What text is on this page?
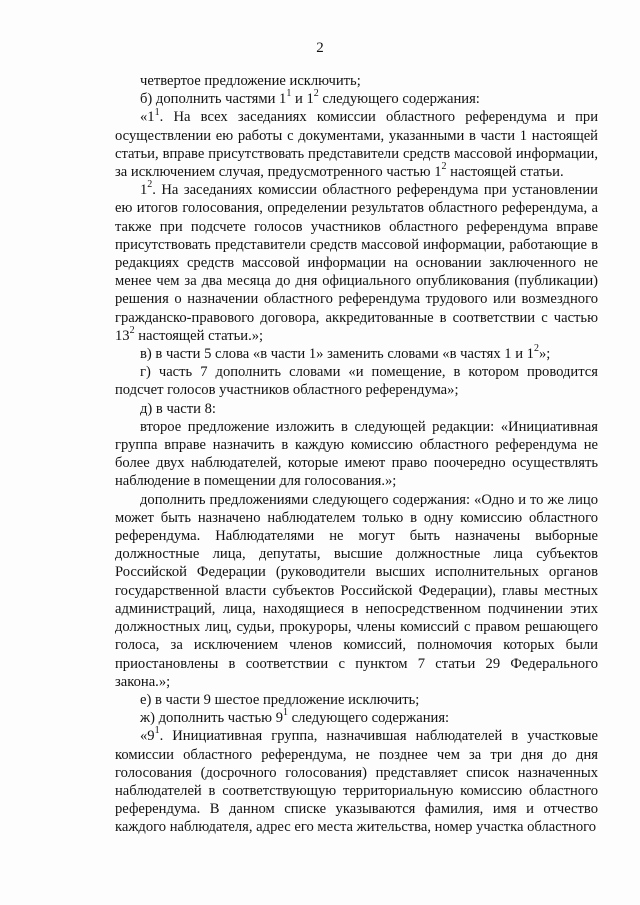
2

четвертое предложение исключить;

б) дополнить частями $1^1$ и $1^2$ следующего содержания:

«$1^1$. На всех заседаниях комиссии областного референдума и при осуществлении ею работы с документами, указанными в части 1 настоящей статьи, вправе присутствовать представители средств массовой информации, за исключением случая, предусмотренного частью $1^2$ настоящей статьи.

$1^2$. На заседаниях комиссии областного референдума при установлении ею итогов голосования, определении результатов областного референдума, а также при подсчете голосов участников областного референдума вправе присутствовать представители средств массовой информации, работающие в редакциях средств массовой информации на основании заключенного не менее чем за два месяца до дня официального опубликования (публикации) решения о назначении областного референдума трудового или возмездного гражданско-правового договора, аккредитованные в соответствии с частью $13^2$ настоящей статьи.»;

в) в части 5 слова «в части 1» заменить словами «в частях 1 и $1^2$»;

г) часть 7 дополнить словами «и помещение, в котором проводится подсчет голосов участников областного референдума»;

д) в части 8:

второе предложение изложить в следующей редакции: «Инициативная группа вправе назначить в каждую комиссию областного референдума не более двух наблюдателей, которые имеют право поочередно осуществлять наблюдение в помещении для голосования.»;

дополнить предложениями следующего содержания: «Одно и то же лицо может быть назначено наблюдателем только в одну комиссию областного референдума. Наблюдателями не могут быть назначены выборные должностные лица, депутаты, высшие должностные лица субъектов Российской Федерации (руководители высших исполнительных органов государственной власти субъектов Российской Федерации), главы местных администраций, лица, находящиеся в непосредственном подчинении этих должностных лиц, судьи, прокуроры, члены комиссий с правом решающего голоса, за исключением членов комиссий, полномочия которых были приостановлены в соответствии с пунктом 7 статьи 29 Федерального закона.»;

е) в части 9 шестое предложение исключить;

ж) дополнить частью $9^1$ следующего содержания:

«$9^1$. Инициативная группа, назначившая наблюдателей в участковые комиссии областного референдума, не позднее чем за три дня до дня голосования (досрочного голосования) представляет список назначенных наблюдателей в соответствующую территориальную комиссию областного референдума. В данном списке указываются фамилия, имя и отчество каждого наблюдателя, адрес его места жительства, номер участка областного
